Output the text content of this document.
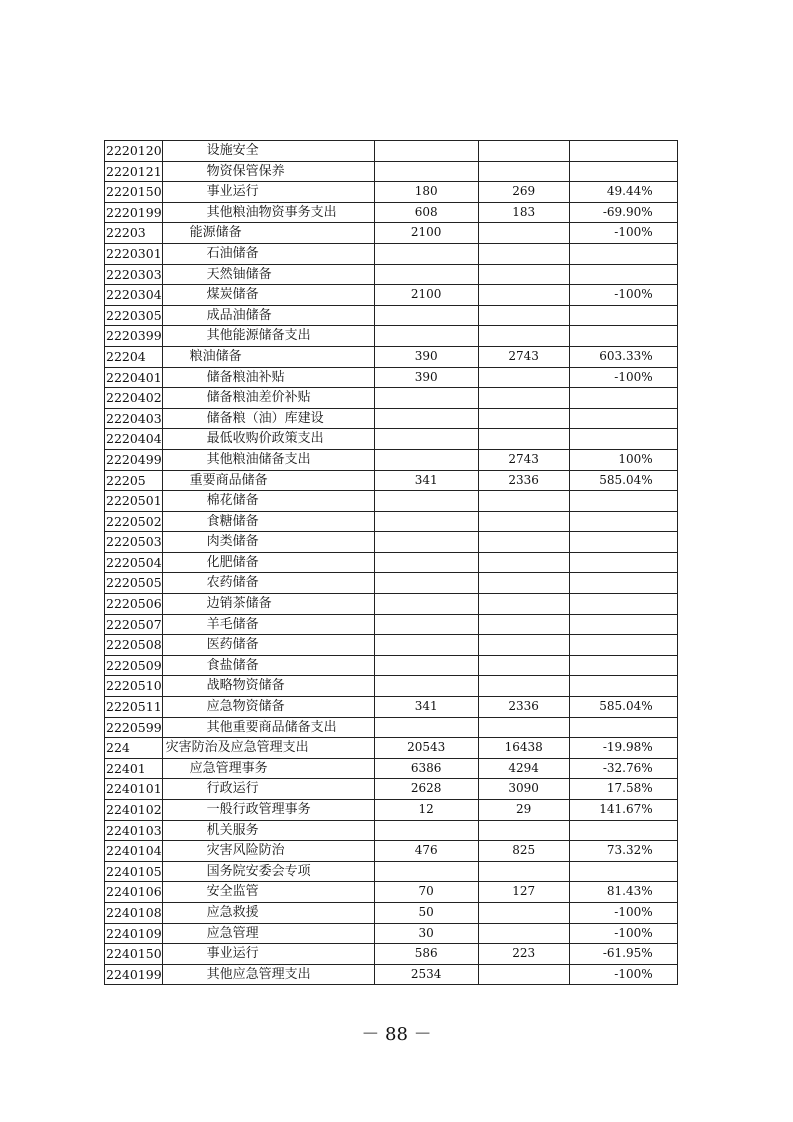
2220120	设施安全			
2220121	物资保管保养			
2220150	事业运行	180	269	49.44%
2220199	其他粮油物资事务支出	608	183	-69.90%
22203	能源储备	2100		-100%
2220301	石油储备			
2220303	天然铀储备			
2220304	煤炭储备	2100		-100%
2220305	成品油储备			
2220399	其他能源储备支出			
22204	粮油储备	390	2743	603.33%
2220401	储备粮油补贴	390		-100%
2220402	储备粮油差价补贴			
2220403	储备粮（油）库建设			
2220404	最低收购价政策支出			
2220499	其他粮油储备支出		2743	100%
22205	重要商品储备	341	2336	585.04%
2220501	棉花储备			
2220502	食糖储备			
2220503	肉类储备			
2220504	化肥储备			
2220505	农药储备			
2220506	边销茶储备			
2220507	羊毛储备			
2220508	医药储备			
2220509	食盐储备			
2220510	战略物资储备			
2220511	应急物资储备	341	2336	585.04%
2220599	其他重要商品储备支出			
224	灾害防治及应急管理支出	20543	16438	-19.98%
22401	应急管理事务	6386	4294	-32.76%
2240101	行政运行	2628	3090	17.58%
2240102	一般行政管理事务	12	29	141.67%
2240103	机关服务			
2240104	灾害风险防治	476	825	73.32%
2240105	国务院安委会专项			
2240106	安全监管	70	127	81.43%
2240108	应急救援	50		-100%
2240109	应急管理	30		-100%
2240150	事业运行	586	223	-61.95%
2240199	其他应急管理支出	2534		-100%
－ 88 －
